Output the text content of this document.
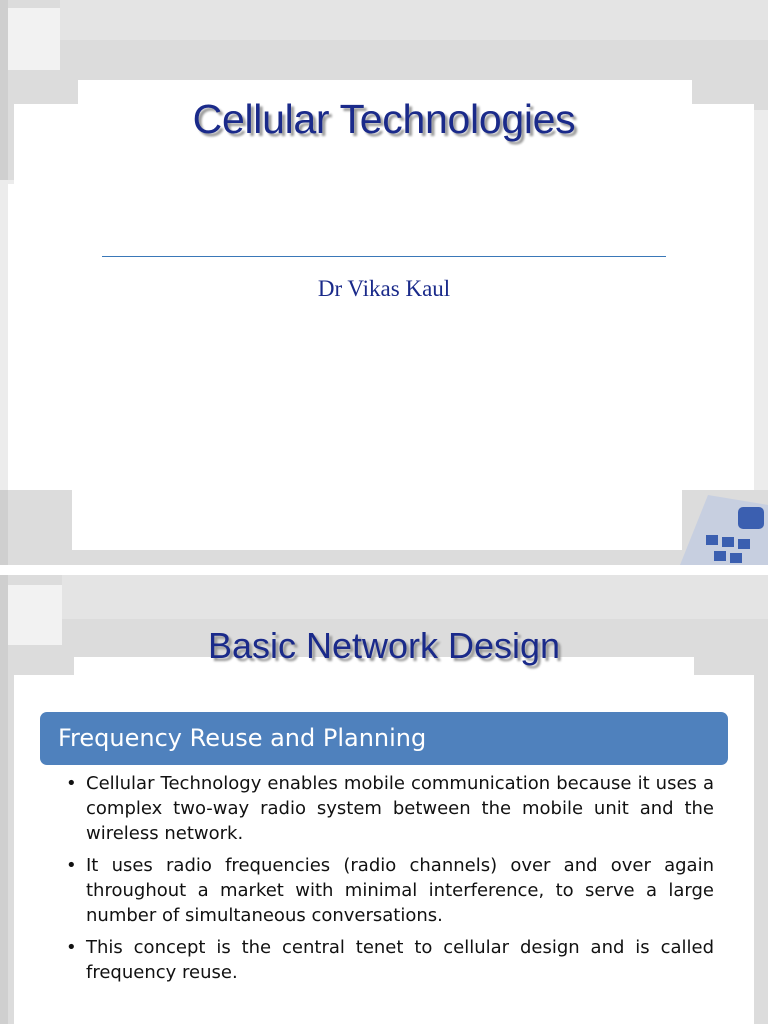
Cellular Technologies
Dr Vikas Kaul
Basic Network Design
Frequency Reuse and Planning
• Cellular Technology enables mobile communication because it uses a complex two-way radio system between the mobile unit and the wireless network.
• It uses radio frequencies (radio channels) over and over again throughout a market with minimal interference, to serve a large number of simultaneous conversations.
• This concept is the central tenet to cellular design and is called frequency reuse.
